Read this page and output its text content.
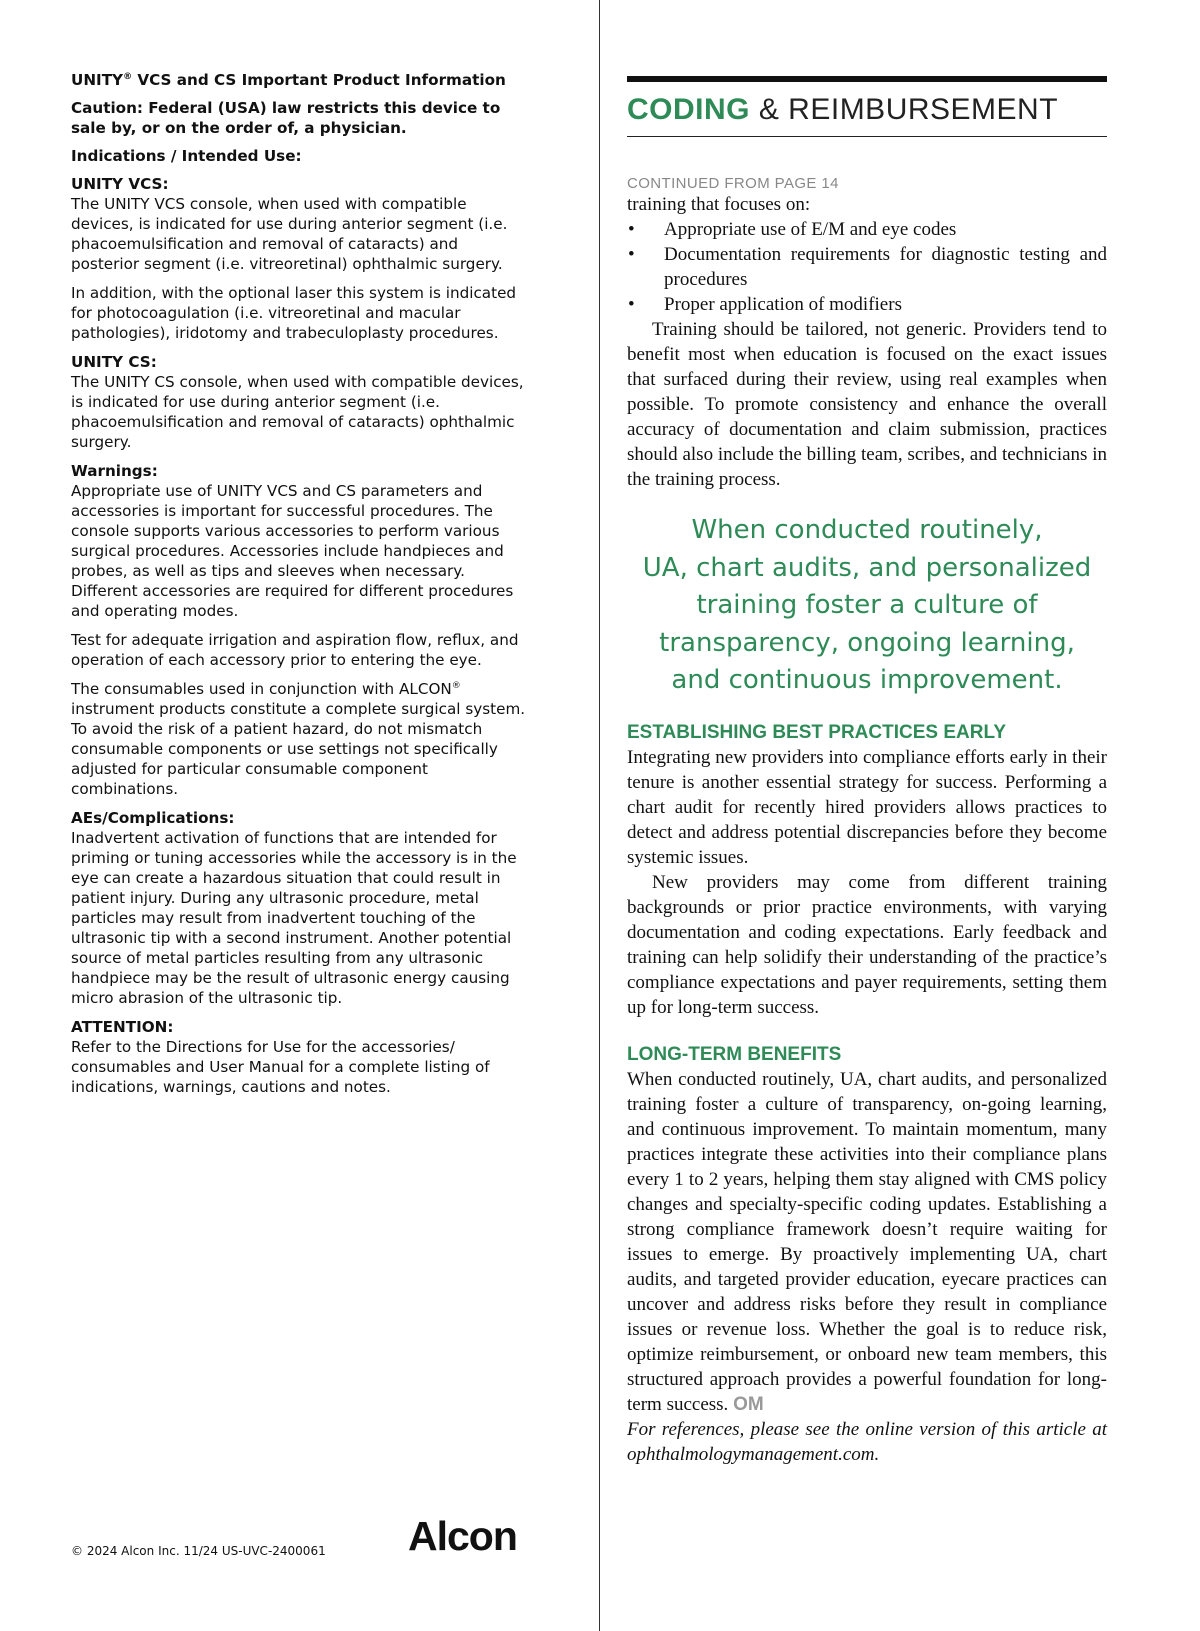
UNITY® VCS and CS Important Product Information

Caution: Federal (USA) law restricts this device to sale by, or on the order of, a physician.

Indications / Intended Use:

UNITY VCS:
The UNITY VCS console, when used with compatible devices, is indicated for use during anterior segment (i.e. phacoemulsification and removal of cataracts) and posterior segment (i.e. vitreoretinal) ophthalmic surgery.

In addition, with the optional laser this system is indicated for photocoagulation (i.e. vitreoretinal and macular pathologies), iridotomy and trabeculoplasty procedures.

UNITY CS:
The UNITY CS console, when used with compatible devices, is indicated for use during anterior segment (i.e. phacoemulsification and removal of cataracts) ophthalmic surgery.
Warnings:
Appropriate use of UNITY VCS and CS parameters and accessories is important for successful procedures. The console supports various accessories to perform various surgical procedures. Accessories include handpieces and probes, as well as tips and sleeves when necessary. Different accessories are required for different procedures and operating modes.

Test for adequate irrigation and aspiration flow, reflux, and operation of each accessory prior to entering the eye.

The consumables used in conjunction with ALCON® instrument products constitute a complete surgical system. To avoid the risk of a patient hazard, do not mismatch consumable components or use settings not specifically adjusted for particular consumable component combinations.

AEs/Complications:
Inadvertent activation of functions that are intended for priming or tuning accessories while the accessory is in the eye can create a hazardous situation that could result in patient injury. During any ultrasonic procedure, metal particles may result from inadvertent touching of the ultrasonic tip with a second instrument. Another potential source of metal particles resulting from any ultrasonic handpiece may be the result of ultrasonic energy causing micro abrasion of the ultrasonic tip.
ATTENTION:
Refer to the Directions for Use for the accessories/ consumables and User Manual for a complete listing of indications, warnings, cautions and notes.
© 2024 Alcon Inc. 11/24 US-UVC-2400061 Alcon
CODING & REIMBURSEMENT
CONTINUED FROM PAGE 14

training that focuses on:

• Appropriate use of E/M and eye codes
• Documentation requirements for diagnostic testing and procedures
• Proper application of modifiers

Training should be tailored, not generic. Providers tend to benefit most when education is focused on the exact issues that surfaced during their review, using real examples when possible. To promote consistency and enhance the overall accuracy of documentation and claim submission, practices should also include the billing team, scribes, and technicians in the training process.

When conducted routinely,
UA, chart audits, and personalized
training foster a culture of
transparency, ongoing learning,
and continuous improvement.
ESTABLISHING BEST PRACTICES EARLY

Integrating new providers into compliance efforts early in their tenure is another essential strategy for success. Performing a chart audit for recently hired providers allows practices to detect and address potential discrepancies before they become systemic issues.

New providers may come from different training backgrounds or prior practice environments, with varying documentation and coding expectations. Early feedback and training can help solidify their understanding of the practice’s compliance expectations and payer requirements, setting them up for long-term success.

LONG-TERM BENEFITS

When conducted routinely, UA, chart audits, and personalized training foster a culture of transparency, on-going learning, and continuous improvement. To maintain momentum, many practices integrate these activities into their compliance plans every 1 to 2 years, helping them stay aligned with CMS policy changes and specialty-specific coding updates. Establishing a strong compliance framework doesn’t require waiting for issues to emerge. By proactively implementing UA, chart audits, and targeted provider education, eyecare practices can uncover and address risks before they result in compliance issues or revenue loss. Whether the goal is to reduce risk, optimize reimbursement, or onboard new team members, this structured approach provides a powerful foundation for long-term success. OM

For references, please see the online version of this article at ophthalmologymanagement.com.
